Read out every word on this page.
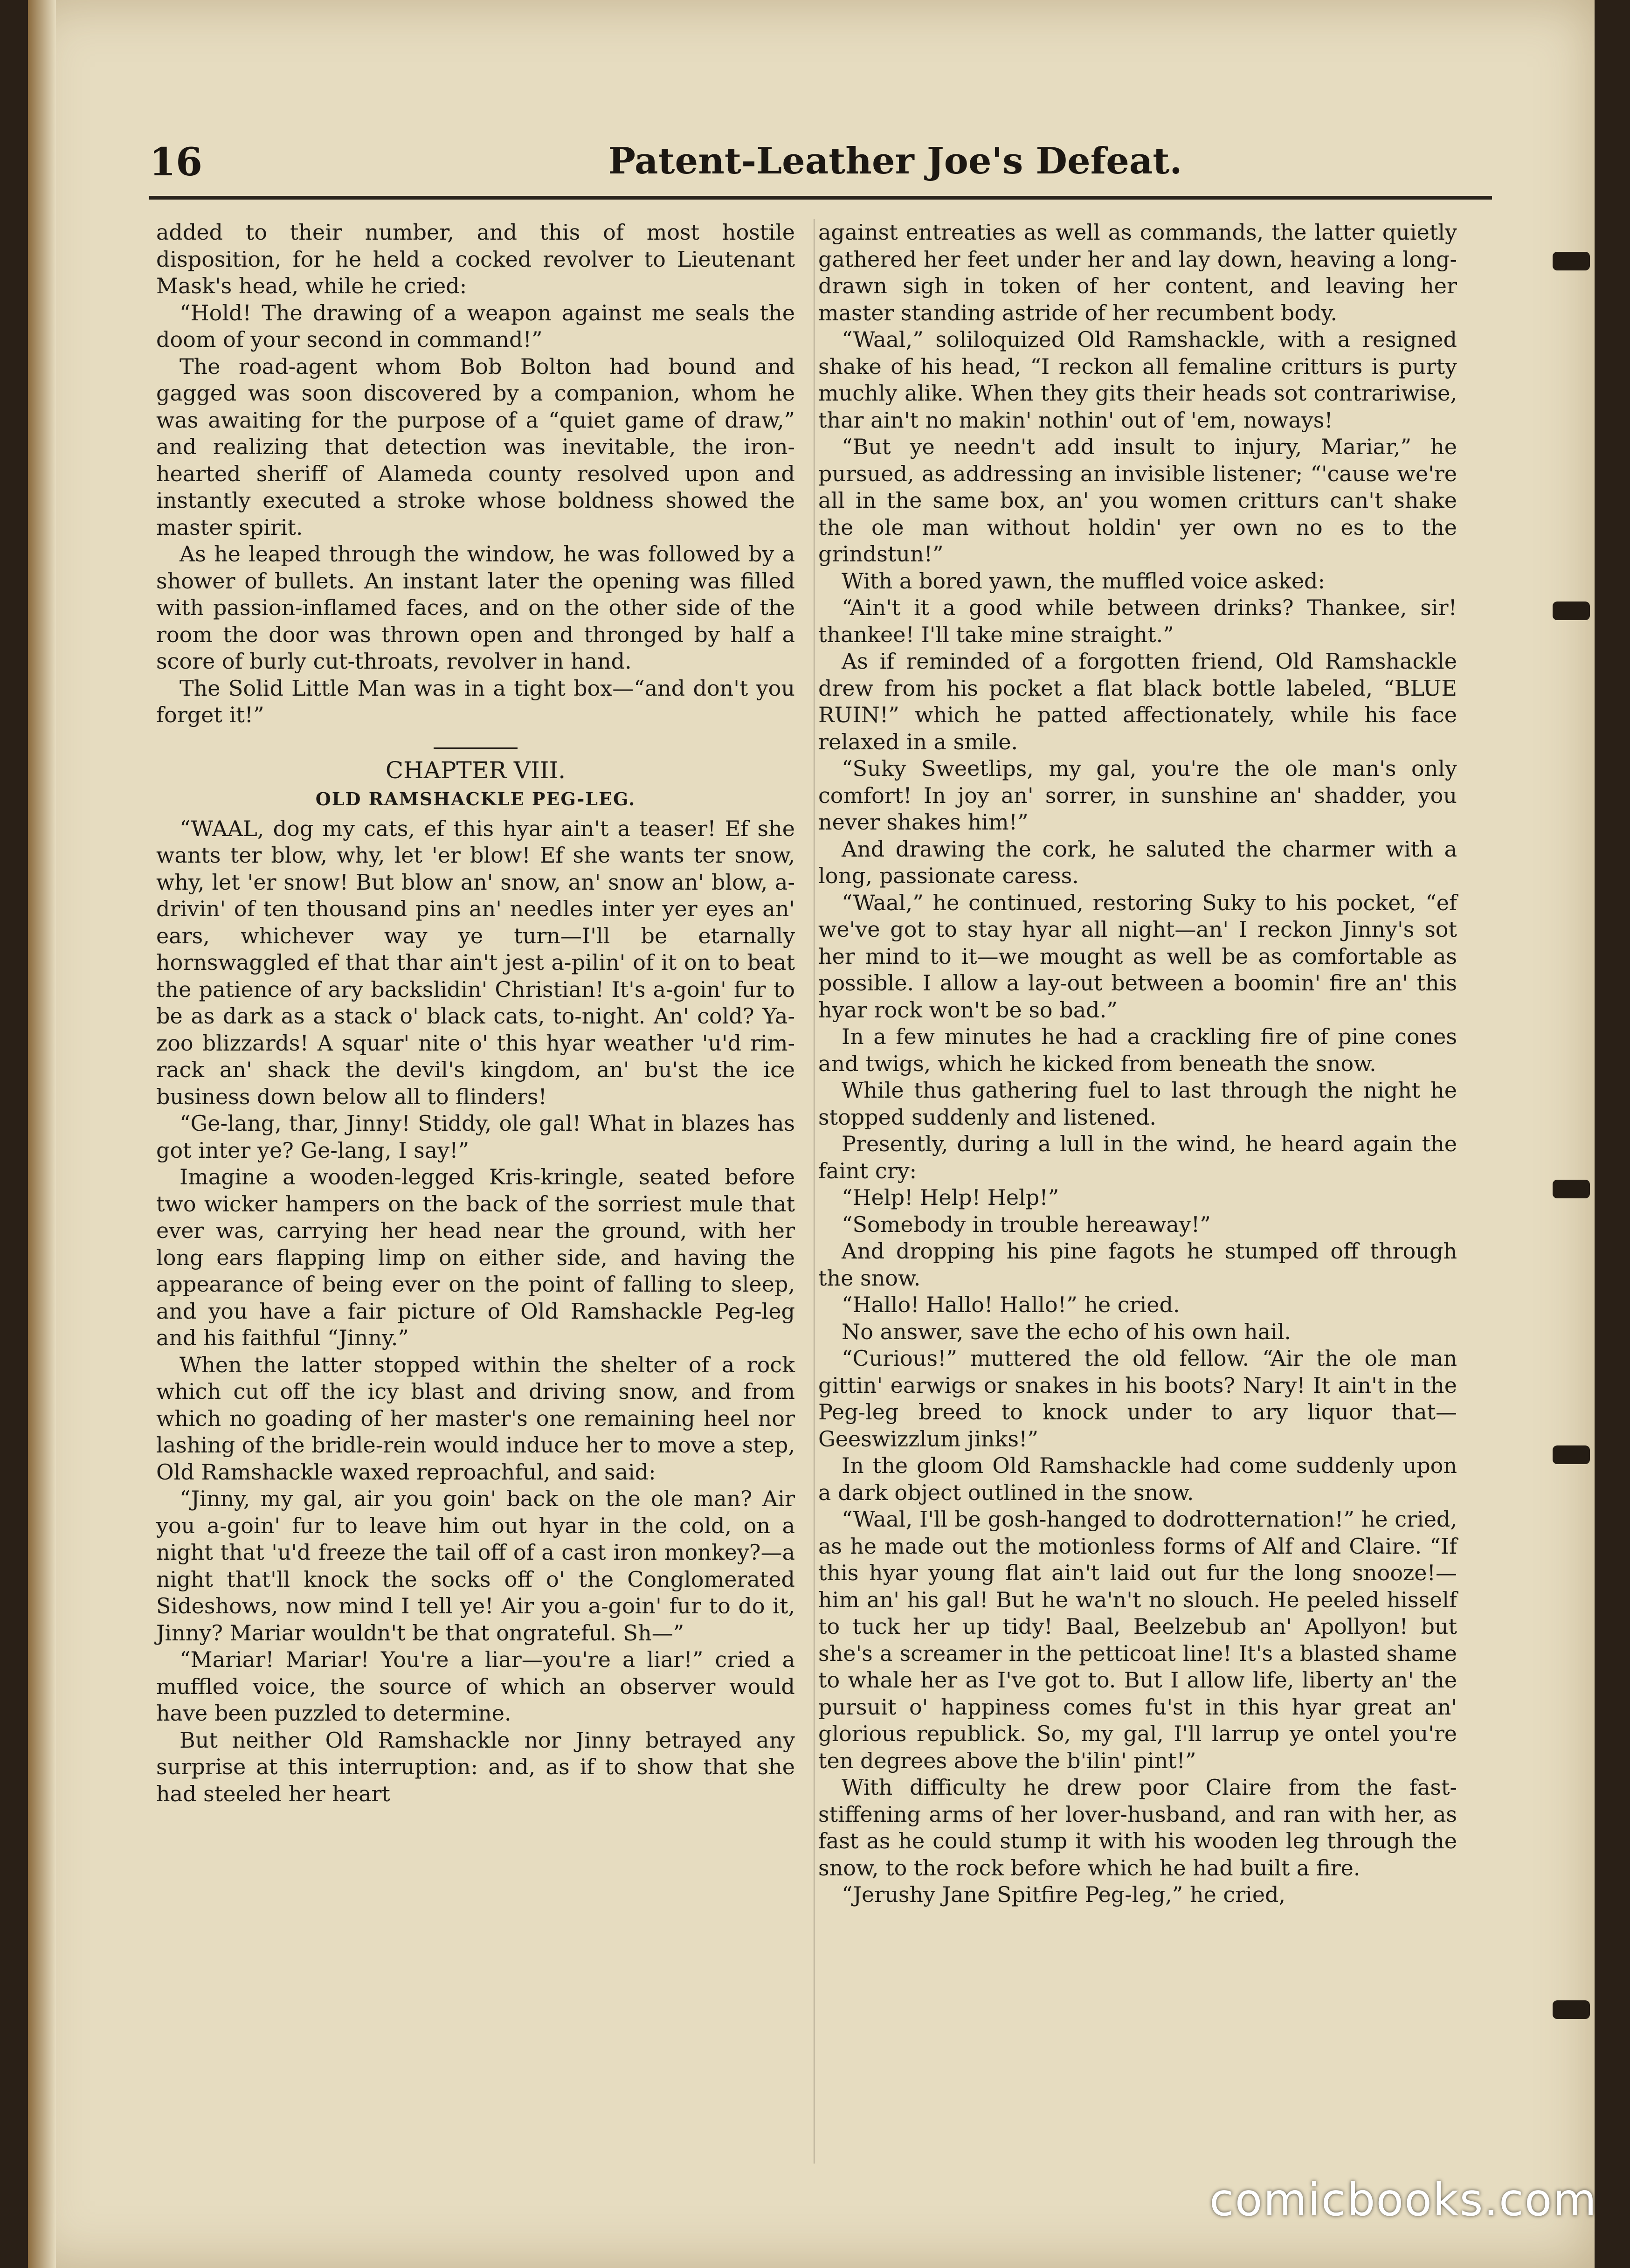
16	Patent-Leather Joe's Defeat.

added to their number, and this of most hostile disposition, for he held a cocked revolver to Lieutenant Mask's head, while he cried:

“Hold! The drawing of a weapon against me seals the doom of your second in command!”

The road-agent whom Bob Bolton had bound and gagged was soon discovered by a companion, whom he was awaiting for the purpose of a “quiet game of draw,” and realizing that detection was inevitable, the iron-hearted sheriff of Alameda county resolved upon and instantly executed a stroke whose boldness showed the master spirit.

As he leaped through the window, he was followed by a shower of bullets. An instant later the opening was filled with passion-inflamed faces, and on the other side of the room the door was thrown open and thronged by half a score of burly cut-throats, revolver in hand.

The Solid Little Man was in a tight box—“and don't you forget it!”

CHAPTER VIII.
OLD RAMSHACKLE PEG-LEG.

“WAAL, dog my cats, ef this hyar ain't a teaser! Ef she wants ter blow, why, let 'er blow! Ef she wants ter snow, why, let 'er snow! But blow an' snow, an' snow an' blow, a-drivin' of ten thousand pins an' needles inter yer eyes an' ears, whichever way ye turn—I'll be etarnally hornswaggled ef that thar ain't jest a-pilin' of it on to beat the patience of ary backslidin' Christian! It's a-goin' fur to be as dark as a stack o' black cats, to-night. An' cold? Ya-zoo blizzards! A squar' nite o' this hyar weather 'u'd rim-rack an' shack the devil's kingdom, an' bu'st the ice business down below all to flinders!

“Ge-lang, thar, Jinny! Stiddy, ole gal! What in blazes has got inter ye? Ge-lang, I say!”

Imagine a wooden-legged Kris-kringle, seated before two wicker hampers on the back of the sorriest mule that ever was, carrying her head near the ground, with her long ears flapping limp on either side, and having the appearance of being ever on the point of falling to sleep, and you have a fair picture of Old Ramshackle Peg-leg and his faithful “Jinny.”

When the latter stopped within the shelter of a rock which cut off the icy blast and driving snow, and from which no goading of her master's one remaining heel nor lashing of the bridle-rein would induce her to move a step, Old Ramshackle waxed reproachful, and said:

“Jinny, my gal, air you goin' back on the ole man? Air you a-goin' fur to leave him out hyar in the cold, on a night that 'u'd freeze the tail off of a cast iron monkey?—a night that'll knock the socks off o' the Conglomerated Sideshows, now mind I tell ye! Air you a-goin' fur to do it, Jinny? Mariar wouldn't be that ongrateful. Sh—”

“Mariar! Mariar! You're a liar—you're a liar!” cried a muffled voice, the source of which an observer would have been puzzled to determine.

But neither Old Ramshackle nor Jinny betrayed any surprise at this interruption: and, as if to show that she had steeled her heart

against entreaties as well as commands, the latter quietly gathered her feet under her and lay down, heaving a long-drawn sigh in token of her content, and leaving her master standing astride of her recumbent body.

“Waal,” soliloquized Old Ramshackle, with a resigned shake of his head, “I reckon all femaline critturs is purty muchly alike. When they gits their heads sot contrariwise, thar ain't no makin' nothin' out of 'em, noways!

“But ye needn't add insult to injury, Mariar,” he pursued, as addressing an invisible listener; “'cause we're all in the same box, an' you women critturs can't shake the ole man without holdin' yer own no es to the grindstun!”

With a bored yawn, the muffled voice asked:

“Ain't it a good while between drinks? Thankee, sir! thankee! I'll take mine straight.”

As if reminded of a forgotten friend, Old Ramshackle drew from his pocket a flat black bottle labeled, “BLUE RUIN!” which he patted affectionately, while his face relaxed in a smile.

“Suky Sweetlips, my gal, you're the ole man's only comfort! In joy an' sorrer, in sunshine an' shadder, you never shakes him!”

And drawing the cork, he saluted the charmer with a long, passionate caress.

“Waal,” he continued, restoring Suky to his pocket, “ef we've got to stay hyar all night—an' I reckon Jinny's sot her mind to it—we mought as well be as comfortable as possible. I allow a lay-out between a boomin' fire an' this hyar rock won't be so bad.”

In a few minutes he had a crackling fire of pine cones and twigs, which he kicked from beneath the snow.

While thus gathering fuel to last through the night he stopped suddenly and listened.

Presently, during a lull in the wind, he heard again the faint cry:

“Help! Help! Help!”

“Somebody in trouble hereaway!”

And dropping his pine fagots he stumped off through the snow.

“Hallo! Hallo! Hallo!” he cried.

No answer, save the echo of his own hail.

“Curious!” muttered the old fellow. “Air the ole man gittin' earwigs or snakes in his boots? Nary! It ain't in the Peg-leg breed to knock under to ary liquor that— Geeswizzlum jinks!”

In the gloom Old Ramshackle had come suddenly upon a dark object outlined in the snow.

“Waal, I'll be gosh-hanged to dodrotternation!” he cried, as he made out the motionless forms of Alf and Claire. “If this hyar young flat ain't laid out fur the long snooze!—him an' his gal! But he wa'n't no slouch. He peeled hisself to tuck her up tidy! Baal, Beelzebub an' Apollyon! but she's a screamer in the petticoat line! It's a blasted shame to whale her as I've got to. But I allow life, liberty an' the pursuit o' happiness comes fu'st in this hyar great an' glorious republick. So, my gal, I'll larrup ye ontel you're ten degrees above the b'ilin' pint!”

With difficulty he drew poor Claire from the fast-stiffening arms of her lover-husband, and ran with her, as fast as he could stump it with his wooden leg through the snow, to the rock before which he had built a fire.

“Jerushy Jane Spitfire Peg-leg,” he cried,

comicbooks.com
